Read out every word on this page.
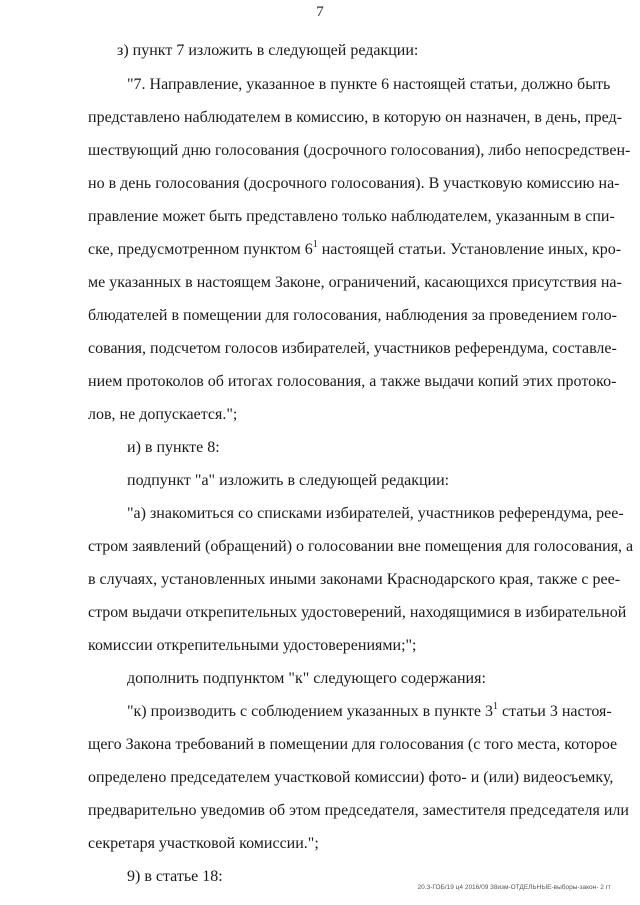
7
з) пункт 7 изложить в следующей редакции:
"7. Направление, указанное в пункте 6 настоящей статьи, должно быть
представлено наблюдателем в комиссию, в которую он назначен, в день, пред-
шествующий дню голосования (досрочного голосования), либо непосредствен-
но в день голосования (досрочного голосования). В участковую комиссию на-
правление может быть представлено только наблюдателем, указанным в спи-
ске, предусмотренном пунктом $6^1$ настоящей статьи. Установление иных, кро-
ме указанных в настоящем Законе, ограничений, касающихся присутствия на-
блюдателей в помещении для голосования, наблюдения за проведением голо-
сования, подсчетом голосов избирателей, участников референдума, составле-
нием протоколов об итогах голосования, а также выдачи копий этих протоко-
лов, не допускается.";
и) в пункте 8:
подпункт "а" изложить в следующей редакции:
"а) знакомиться со списками избирателей, участников референдума, рее-
стром заявлений (обращений) о голосовании вне помещения для голосования, а
в случаях, установленных иными законами Краснодарского края, также с рее-
стром выдачи открепительных удостоверений, находящимися в избирательной
комиссии открепительными удостоверениями;";
дополнить подпунктом "к" следующего содержания:
"к) производить с соблюдением указанных в пункте $3^1$ статьи 3 настоя-
щего Закона требований в помещении для голосования (с того места, которое
определено председателем участковой комиссии) фото- и (или) видеосъемку,
предварительно уведомив об этом председателя, заместителя председателя или
секретаря участковой комиссии.";
9) в статье 18:
20.3-ГОБ/19 ц4 2016/09 38изм-ОТДЕЛЬНЫЕ-выборы-закон- 2 гт
